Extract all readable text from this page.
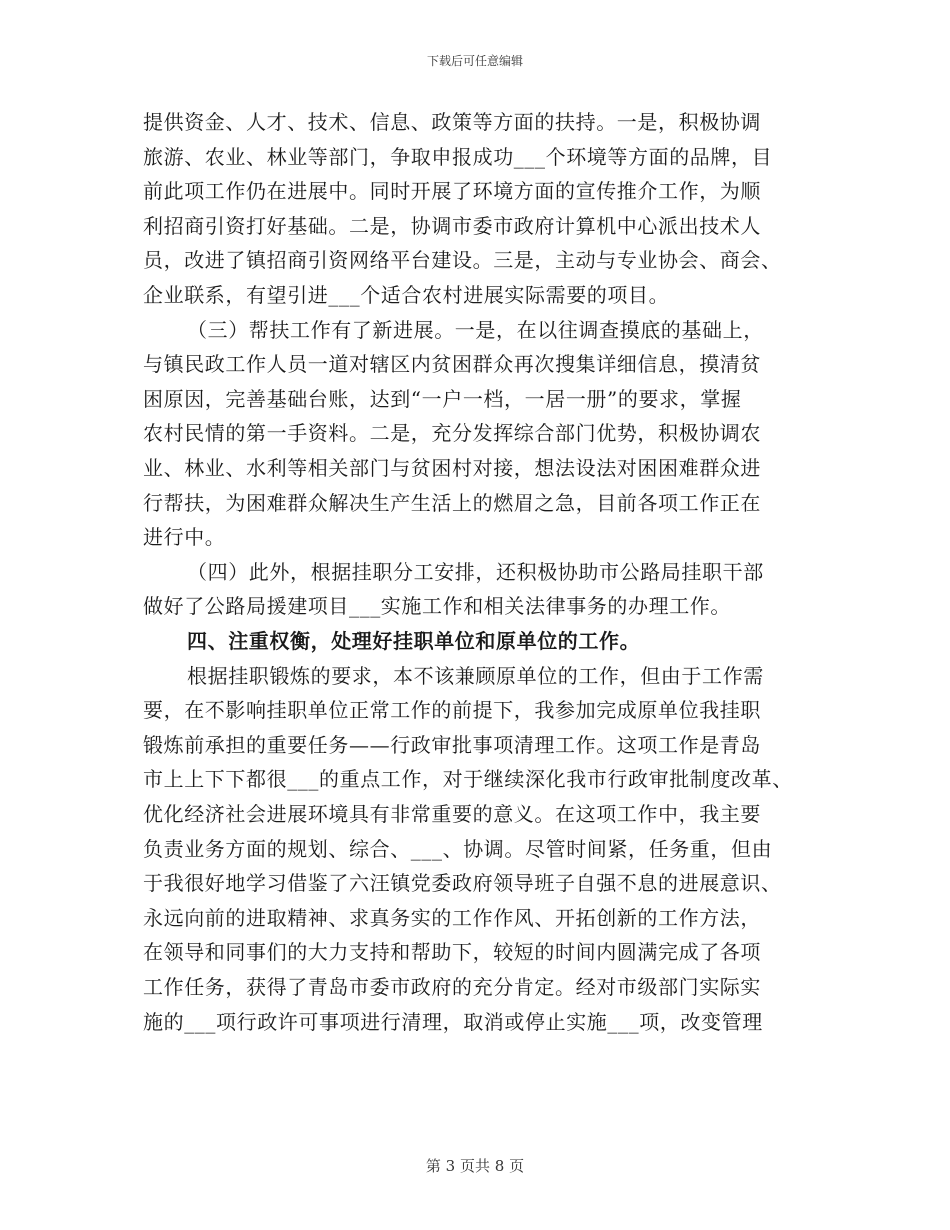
下载后可任意编辑
提供资金、人才、技术、信息、政策等方面的扶持。一是，积极协调
旅游、农业、林业等部门，争取申报成功___个环境等方面的品牌，目
前此项工作仍在进展中。同时开展了环境方面的宣传推介工作，为顺
利招商引资打好基础。二是，协调市委市政府计算机中心派出技术人
员，改进了镇招商引资网络平台建设。三是，主动与专业协会、商会、
企业联系，有望引进___个适合农村进展实际需要的项目。
（三）帮扶工作有了新进展。一是，在以往调查摸底的基础上，
与镇民政工作人员一道对辖区内贫困群众再次搜集详细信息，摸清贫
困原因，完善基础台账，达到“一户一档，一居一册”的要求，掌握
农村民情的第一手资料。二是，充分发挥综合部门优势，积极协调农
业、林业、水利等相关部门与贫困村对接，想法设法对困困难群众进
行帮扶，为困难群众解决生产生活上的燃眉之急，目前各项工作正在
进行中。
（四）此外，根据挂职分工安排，还积极协助市公路局挂职干部
做好了公路局援建项目___实施工作和相关法律事务的办理工作。
四、注重权衡，处理好挂职单位和原单位的工作。
根据挂职锻炼的要求，本不该兼顾原单位的工作，但由于工作需
要，在不影响挂职单位正常工作的前提下，我参加完成原单位我挂职
锻炼前承担的重要任务——行政审批事项清理工作。这项工作是青岛
市上上下下都很___的重点工作，对于继续深化我市行政审批制度改革、
优化经济社会进展环境具有非常重要的意义。在这项工作中，我主要
负责业务方面的规划、综合、___、协调。尽管时间紧，任务重，但由
于我很好地学习借鉴了六汪镇党委政府领导班子自强不息的进展意识、
永远向前的进取精神、求真务实的工作作风、开拓创新的工作方法，
在领导和同事们的大力支持和帮助下，较短的时间内圆满完成了各项
工作任务，获得了青岛市委市政府的充分肯定。经对市级部门实际实
施的___项行政许可事项进行清理，取消或停止实施___项，改变管理
第 3 页共 8 页
